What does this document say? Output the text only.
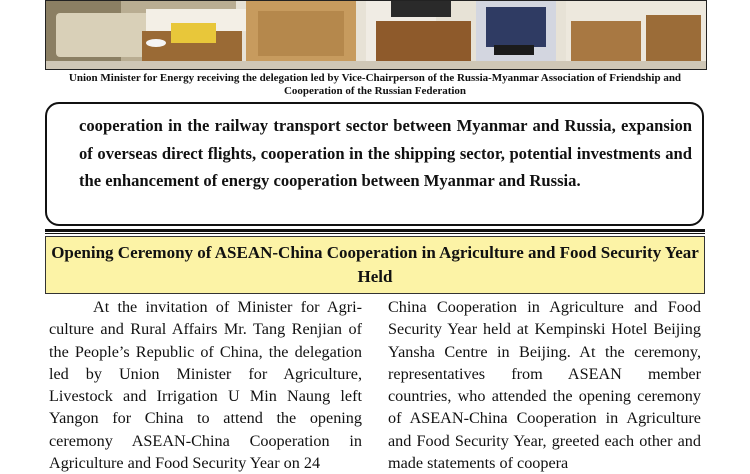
Union Minister for Energy receiving the delegation led by Vice-Chairperson of the Russia-Myanmar Association of Friendship and Cooperation of the Russian Federation

cooperation in the railway transport sector between Myanmar and Russia, expansion of overseas direct flights, cooperation in the shipping sector, potential investments and the enhancement of energy cooperation between Myanmar and Russia.

Opening Ceremony of ASEAN-China Cooperation in Agriculture and Food Security Year Held

At the invitation of Minister for Agriculture and Rural Affairs Mr. Tang Renjian of the People’s Republic of China, the delegation led by Union Minister for Agriculture, Livestock and Irrigation U Min Naung left Yangon for China to attend the opening ceremony ASEAN-China Cooperation in Agriculture and Food Security Year on 24

China Cooperation in Agriculture and Food Security Year held at Kempinski Hotel Beijing Yansha Centre in Beijing. At the ceremony, representatives from ASEAN member countries, who attended the opening ceremony of ASEAN-China Cooperation in Agriculture and Food Security Year, greeted each other and made statements of coopera
